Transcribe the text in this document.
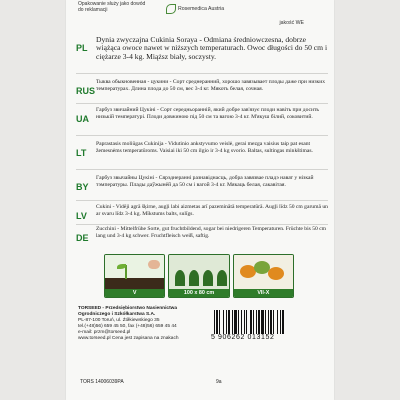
Opakowanie służy jako dowód do reklamacji	Rosemedica Austria
jakość WE
PL
Dynia zwyczajna Cukinia Soraya - Odmiana średniowczesna, dobrze wiążąca owoce nawet w niższych temperaturach. Owoc długości do 50 cm i ciężarze 3-4 kg. Miąższ biały, soczysty.
RUS
Тыква обыкновенная - цукини - Сорт среднеранний, хорошо завязывает плоды даже при низких температурах. Длина плода до 50 см, вес 3-4 кг. Мякоть белая, сочная.
UA
Гарбуз звичайний Цукіні - Сорт середньоранній, який добре зав'язує плоди навіть при досить низькій температурі. Плоди довжиною під 50 см та вагою 3-4 кг. М'якуш білий, соковитий.
LT
Paprastasis moliūgas Cukinija - Vidutinio ankstyvumo veislė, gerai mezga vaisius taip pat esant žemesnėms temperatūroms. Vaisiai iki 50 cm ilgio ir 3-4 kg svorio. Baltas, sultingas minkštimas.
BY
Гарбуз звычайны Цукіні - Сярэднераннi разнавiднасць, добра завязвае пладэ нават у нізкай тэмпературы. Плады даўжынёй да 50 см і вагой 3-4 кг. Мякаць белая, сакавітая.
LV
Cukini - Vidēji agrā šķirne, augļi labi aizmetas arī pazeminātā temperatūrā. Augļi līdz 50 cm garumā un ar svaru līdz 3-4 kg. Mīkstums balts, sulīgs.
DE
Zucchini - Mittelfrühe Sorte, gut fruchtbildend, sogar bei niedrigeren Temperaturen. Früchte bis 50 cm lang und 3-4 kg schwer. Fruchtfleisch weiß, saftig.
V	100 x 80 cm	VII-X
TORSEED - Przedsiębiorstwo Nasiennictwa
Ogrodniczego i Szkółkarstwa S.A.
PL-87-100 Toruń, ul. Żółkiewskiego 35
tel.(+48)56) 659 45 50, fax (+48)56) 659 45 44
e-mail: przm@torseed.pl
www.torseed.pl Cena jest zapisana na znakach	5 906262 013152
TORS 14006039PA	9a
